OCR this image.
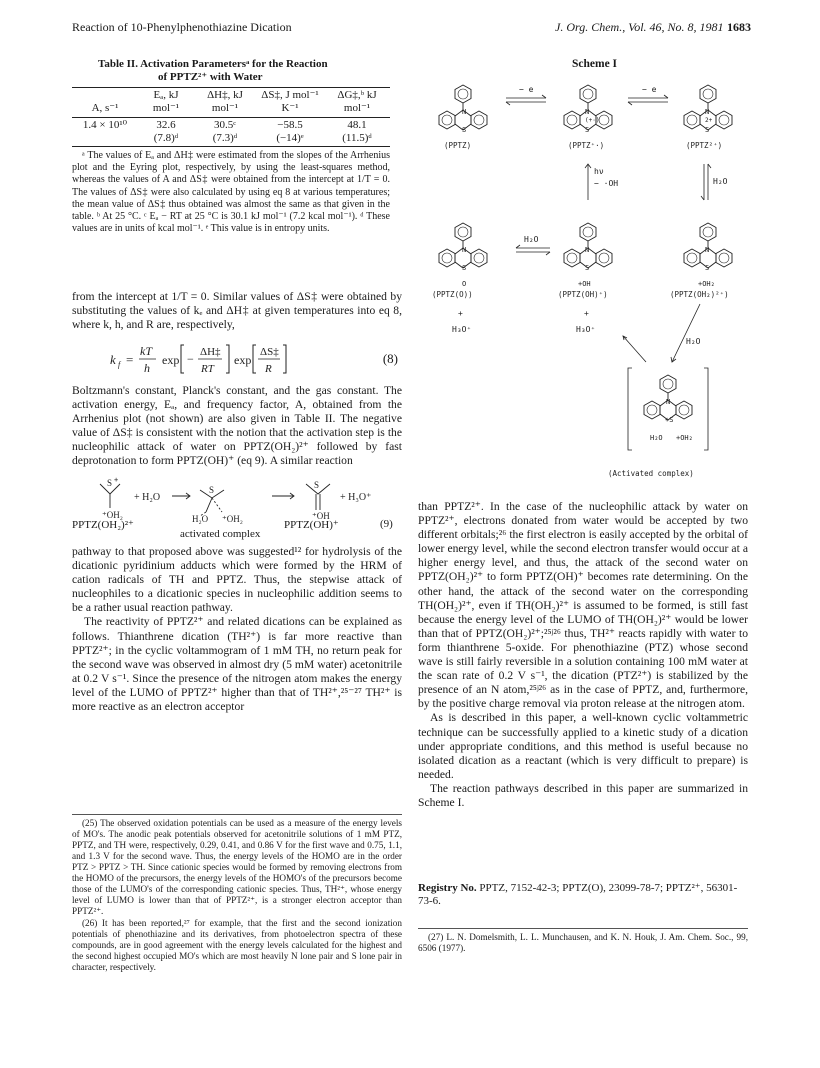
Reaction of 10-Phenylphenothiazine Dication	J. Org. Chem., Vol. 46, No. 8, 1981 1683
Table II. Activation Parametersᵃ for the Reaction
of PPTZ²⁺ with Water
A, s⁻¹	Eₐ, kJ mol⁻¹	ΔH‡, kJ mol⁻¹	ΔS‡, J mol⁻¹ K⁻¹	ΔG‡,ᵇ kJ mol⁻¹
1.4 × 10¹⁰	32.6	30.5ᶜ	−58.5	48.1
	(7.8)ᵈ	(7.3)ᵈ	(−14)ᵉ	(11.5)ᵈ

ᵃ The values of Eₐ and ΔH‡ were estimated from the slopes of the Arrhenius plot and the Eyring plot, respectively, by using the least-squares method, whereas the values of A and ΔS‡ were obtained from the intercept at 1/T = 0. The values of ΔS‡ were also calculated by using eq 8 at various temperatures; the mean value of ΔS‡ thus obtained was almost the same as that given in the table. ᵇ At 25 °C. ᶜ Eₐ − RT at 25 °C is 30.1 kJ mol⁻¹ (7.2 kcal mol⁻¹). ᵈ These values are in units of kcal mol⁻¹. ᵉ This value is in entropy units.

from the intercept at 1/T = 0. Similar values of ΔS‡ were obtained by substituting the values of kₑ and ΔH‡ at given temperatures into eq 8, where k, h, and R are, respectively,

k f =
kT
h
exp − ΔH‡
RT
exp
ΔS‡
R
(8)

Boltzmann's constant, Planck's constant, and the gas constant. The activation energy, Eₐ, and frequency factor, A, obtained from the Arrhenius plot (not shown) are also given in Table II. The negative value of ΔS‡ is consistent with the notion that the activation step is the nucleophilic attack of water on PPTZ(OH₂)²⁺ followed by fast deprotonation to form PPTZ(OH)⁺ (eq 9). A similar reaction

S +
⁺OH₂
+ H₂O
S
H₂O ⁺OH₂
S
⁺OH
+ H₃O⁺
PPTZ(OH₂)²⁺
activated complex
PPTZ(OH)⁺	(9)

pathway to that proposed above was suggested¹² for hydrolysis of the dicationic pyridinium adducts which were formed by the HRM of cation radicals of TH and PPTZ. Thus, the stepwise attack of nucleophiles to a dicationic species in nucleophilic addition seems to be a rather usual reaction pathway.

The reactivity of PPTZ²⁺ and related dications can be explained as follows. Thianthrene dication (TH²⁺) is far more reactive than PPTZ²⁺; in the cyclic voltammogram of 1 mM TH, no return peak for the second wave was observed in almost dry (5 mM water) acetonitrile at 0.2 V s⁻¹. Since the presence of the nitrogen atom makes the energy level of the LUMO of PPTZ²⁺ higher than that of TH²⁺,²⁵⁻²⁷ TH²⁺ is more reactive as an electron acceptor

(25) The observed oxidation potentials can be used as a measure of the energy levels of MO's. The anodic peak potentials observed for acetonitrile solutions of 1 mM PTZ, PPTZ, and TH were, respectively, 0.29, 0.41, and 0.86 V for the first wave and 0.75, 1.1, and 1.3 V for the second wave. Thus, the energy levels of the HOMO are in the order PTZ > PPTZ > TH. Since cationic species would be formed by removing electrons from the HOMO of the precursors, the energy levels of the HOMO's of the precursors become those of the LUMO's of the corresponding cationic species. Thus, TH²⁺, whose energy level of LUMO is lower than that of PPTZ²⁺, is a stronger electron acceptor than PPTZ²⁺.

(26) It has been reported,²⁷ for example, that the first and the second ionization potentials of phenothiazine and its derivatives, from photoelectron spectra of these compounds, are in good agreement with the energy levels calculated for the highest and the second highest occupied MO's which are most heavily N lone pair and S lone pair in character, respectively.

Scheme I
N
S
N
(+·)
S
N
2+
S
− e	− e
hν
− ·OH	H₂O
H₂O
H₂O
N
S
O
N
S
+OH
N
S
+OH₂
+	+
H₃O⁺	H₃O⁺
N
+S
H₂O +OH₂
(PPTZ)	(PPTZ⁺·)	(PPTZ²⁺)
(PPTZ(O))	(PPTZ(OH)⁺)	(PPTZ(OH₂)²⁺)
(Activated complex)

than PPTZ²⁺. In the case of the nucleophilic attack by water on PPTZ²⁺, electrons donated from water would be accepted by two different orbitals;²⁶ the first electron is easily accepted by the orbital of lower energy level, while the second electron transfer would occur at a higher energy level, and thus, the attack of the second water on PPTZ(OH₂)²⁺ to form PPTZ(OH)⁺ becomes rate determining. On the other hand, the attack of the second water on the corresponding TH(OH₂)²⁺, even if TH(OH₂)²⁺ is assumed to be formed, is still fast because the energy level of the LUMO of TH(OH₂)²⁺ would be lower than that of PPTZ(OH₂)²⁺;²⁵ʲ²⁶ thus, TH²⁺ reacts rapidly with water to form thianthrene 5-oxide. For phenothiazine (PTZ) whose second wave is still fairly reversible in a solution containing 100 mM water at the scan rate of 0.2 V s⁻¹, the dication (PTZ²⁺) is stabilized by the presence of an N atom,²⁵ʲ²⁶ as in the case of PPTZ, and, furthermore, by the positive charge removal via proton release at the nitrogen atom.

As is described in this paper, a well-known cyclic voltammetric technique can be successfully applied to a kinetic study of a dication under appropriate conditions, and this method is useful because no isolated dication as a reactant (which is very difficult to prepare) is needed.

The reaction pathways described in this paper are summarized in Scheme I.

Registry No. PPTZ, 7152-42-3; PPTZ(O), 23099-78-7; PPTZ²⁺, 56301-73-6.

(27) L. N. Domelsmith, L. L. Munchausen, and K. N. Houk, J. Am. Chem. Soc., 99, 6506 (1977).
